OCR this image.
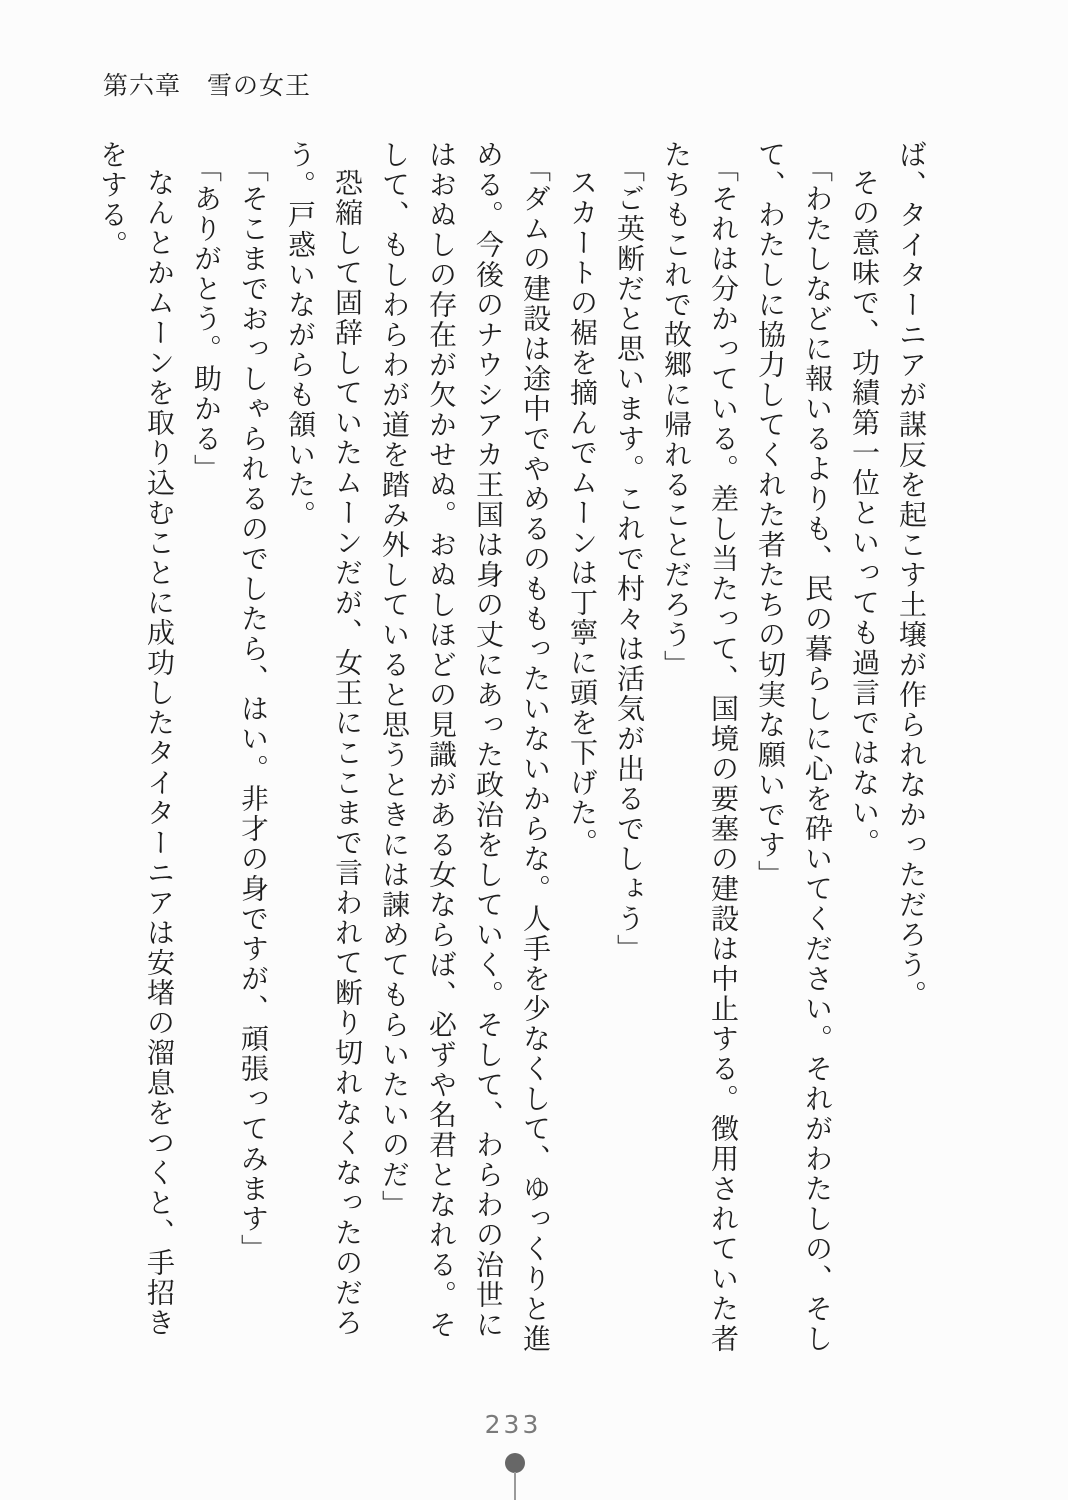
第六章　雪の女王
ば、タイターニアが謀反を起こす土壌が作られなかっただろう。
その意味で、功績第一位といっても過言ではない。
「わたしなどに報いるよりも、民の暮らしに心を砕いてください。それがわたしの、そし
て、わたしに協力してくれた者たちの切実な願いです」
「それは分かっている。差し当たって、国境の要塞の建設は中止する。徴用されていた者
たちもこれで故郷に帰れることだろう」
「ご英断だと思います。これで村々は活気が出るでしょう」
スカートの裾を摘んでムーンは丁寧に頭を下げた。
「ダムの建設は途中でやめるのももったいないからな。人手を少なくして、ゆっくりと進
める。今後のナウシアカ王国は身の丈にあった政治をしていく。そして、わらわの治世に
はおぬしの存在が欠かせぬ。おぬしほどの見識がある女ならば、必ずや名君となれる。そ
して、もしわらわが道を踏み外していると思うときには諫めてもらいたいのだ」
恐縮して固辞していたムーンだが、女王にここまで言われて断り切れなくなったのだろ
う。戸惑いながらも頷いた。
「そこまでおっしゃられるのでしたら、はい。非才の身ですが、頑張ってみます」
「ありがとう。助かる」
なんとかムーンを取り込むことに成功したタイターニアは安堵の溜息をつくと、手招き
をする。
233
